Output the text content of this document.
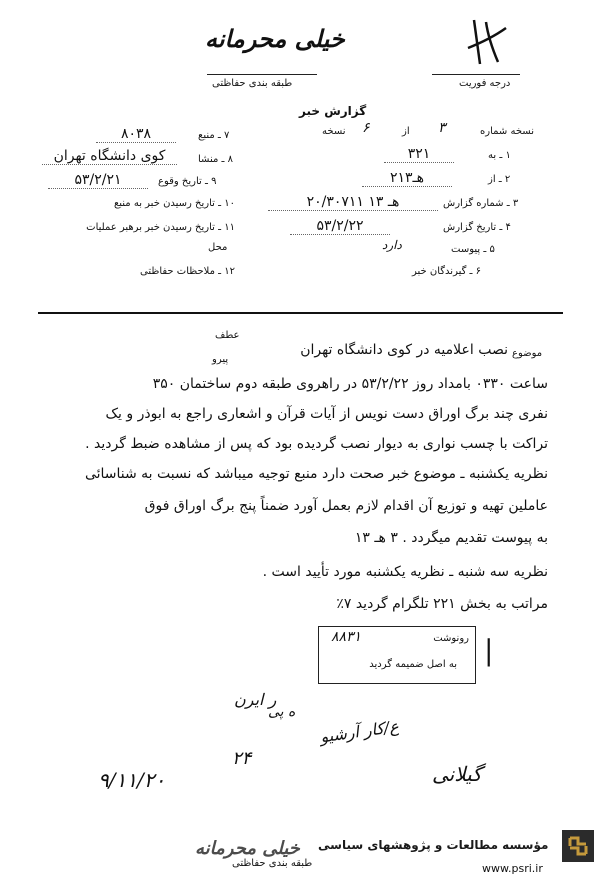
خیلی محرمانه
درجه فوریت
طبقه بندی حفاظتی
گزارش خبر
نسخه شماره
۳
از
۶
نسخه
۱ ـ به
۳۲۱
۲ ـ از
۲هـ۱۳
۳ ـ شماره گزارش
۲۰/۳۰۷۱۱ هـ ۱۳
۴ ـ تاریخ گزارش
۵۳/۲/۲۲
۵ ـ پیوست
دارد
۶ ـ گیرندگان خبر
۷ ـ منبع
۸۰۳۸
۸ ـ منشا
کوی دانشگاه تهران
۹ ـ تاریخ وقوع
۵۳/۲/۲۱
۱۰ ـ تاریخ رسیدن خبر به منبع
۱۱ ـ تاریخ رسیدن خبر برهبر عملیات
محل
۱۲ ـ ملاحظات حفاظتی
موضوع
نصب اعلامیه در کوی دانشگاه تهران
عطف
پیرو
ساعت ۰۳۳۰ بامداد روز ۵۳/۲/۲۲ در راهروی طبقه دوم ساختمان ۳۵۰
نفری چند برگ اوراق دست نویس از آیات قرآن و اشعاری راجع به ابوذر و یک
تراکت با چسب نواری به دیوار نصب گردیده بود که پس از مشاهده ضبط گردید .
نظریه یکشنبه ـ موضوع خبر صحت دارد منبع توجیه میباشد که نسبت به شناسائی
عاملین تهیه و توزیع آن اقدام لازم بعمل آورد ضمناً پنج برگ اوراق فوق
به پیوست تقدیم میگردد . ۳ هـ ۱۳
نظریه سه شنبه ـ نظریه یکشنبه مورد تأیید است .
مراتب به بخش ۲۲۱ تلگرام گردید ۷٪
رونوشت
۸۸۳۱
به اصل ضمیمه گردید |
ر ایرن
ع/کار آرشیو
۲۴
ه پی
گیلانی
۹/۱۱/۲۰
مؤسسه مطالعات و پژوهشهای سیاسی
www.psri.ir
خیلی محرمانه
طبقه بندی حفاظتی
